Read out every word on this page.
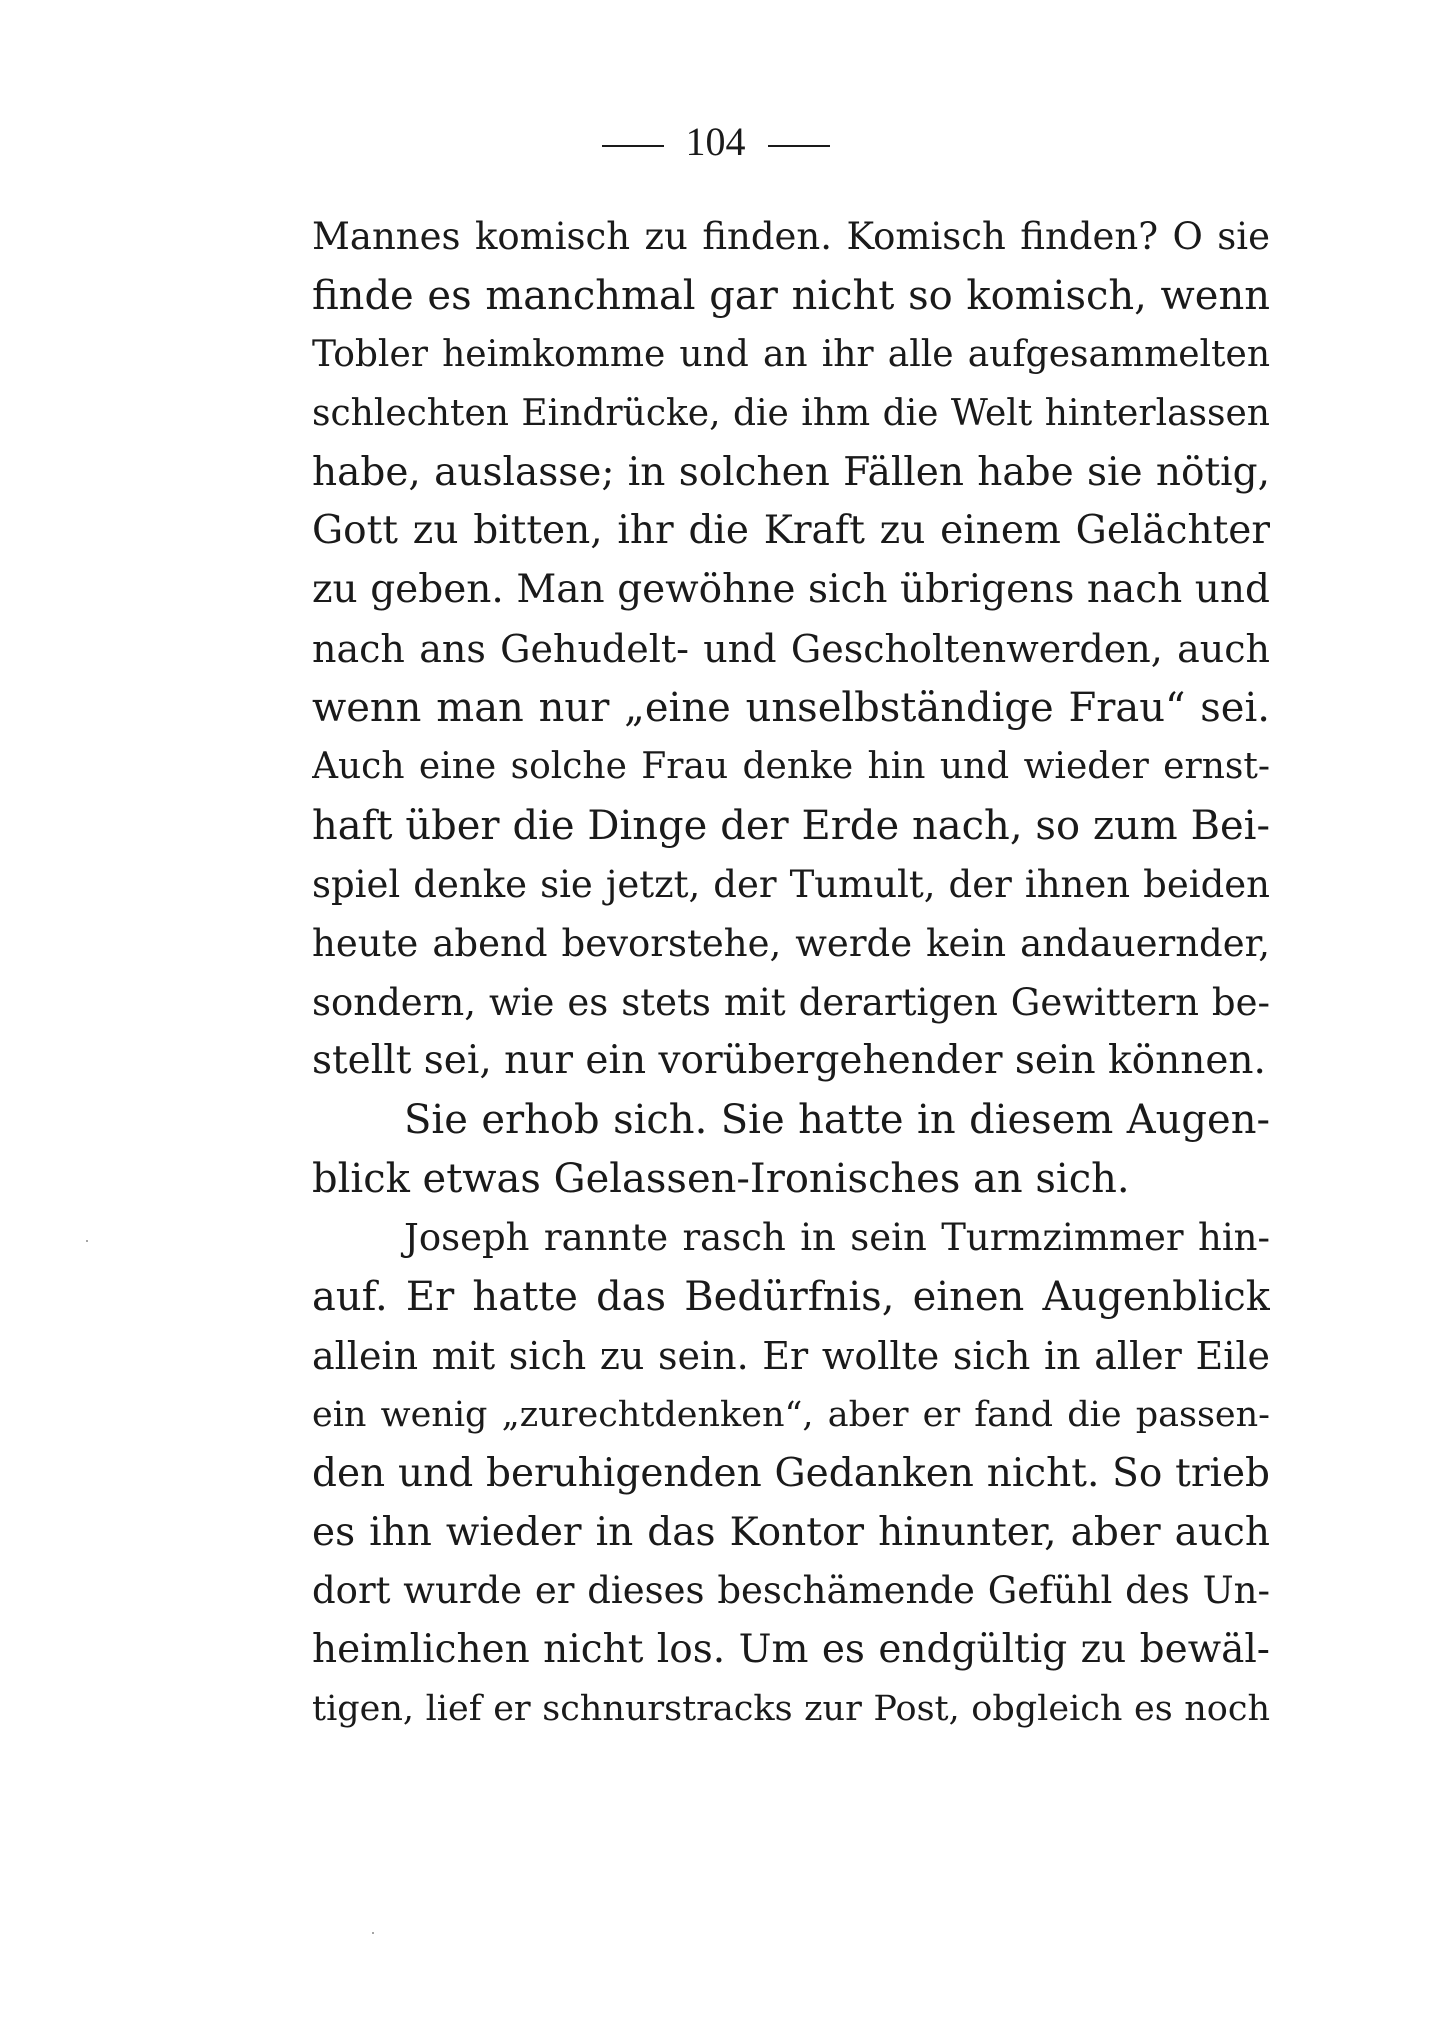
104
Mannes komisch zu finden. Komisch finden? O sie
finde es manchmal gar nicht so komisch, wenn
Tobler heimkomme und an ihr alle aufgesammelten
schlechten Eindrücke, die ihm die Welt hinterlassen
habe, auslasse; in solchen Fällen habe sie nötig,
Gott zu bitten, ihr die Kraft zu einem Gelächter
zu geben. Man gewöhne sich übrigens nach und
nach ans Gehudelt- und Gescholtenwerden, auch
wenn man nur „eine unselbständige Frau“ sei.
Auch eine solche Frau denke hin und wieder ernst-
haft über die Dinge der Erde nach, so zum Bei-
spiel denke sie jetzt, der Tumult, der ihnen beiden
heute abend bevorstehe, werde kein andauernder,
sondern, wie es stets mit derartigen Gewittern be-
stellt sei, nur ein vorübergehender sein können.
Sie erhob sich. Sie hatte in diesem Augen-
blick etwas Gelassen-Ironisches an sich.
Joseph rannte rasch in sein Turmzimmer hin-
auf. Er hatte das Bedürfnis, einen Augenblick
allein mit sich zu sein. Er wollte sich in aller Eile
ein wenig „zurechtdenken“, aber er fand die passen-
den und beruhigenden Gedanken nicht. So trieb
es ihn wieder in das Kontor hinunter, aber auch
dort wurde er dieses beschämende Gefühl des Un-
heimlichen nicht los. Um es endgültig zu bewäl-
tigen, lief er schnurstracks zur Post, obgleich es noch
